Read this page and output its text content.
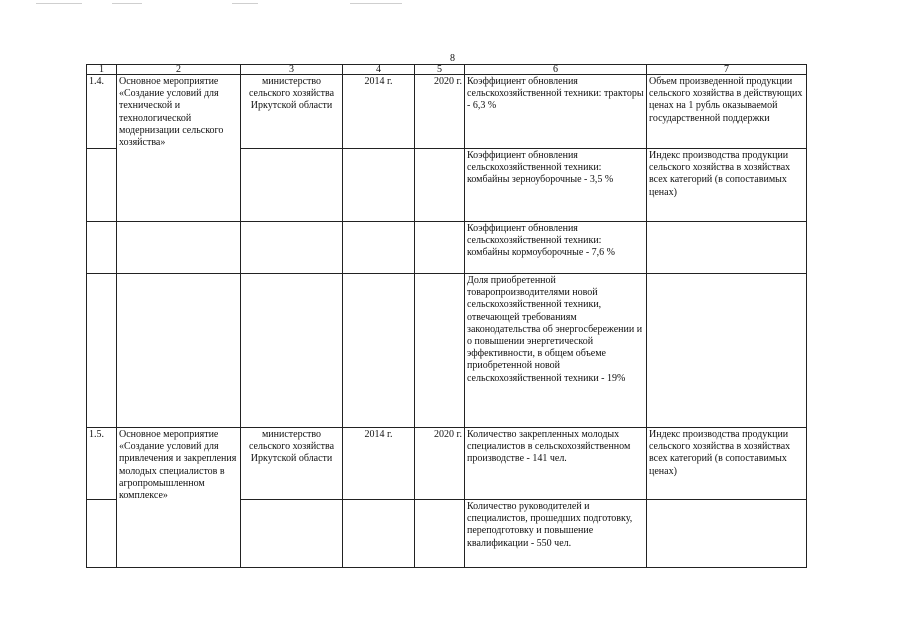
8
1	2	3	4	5	6	7
1.4.	Основное мероприятие «Создание условий для технической и технологической модернизации сельского хозяйства»	министерство сельского хозяйства Иркутской области	2014 г.	2020 г.	Коэффициент обновления сельскохозяйственной техники: тракторы - 6,3 %	Объем произведенной продукции сельского хозяйства в действующих ценах на 1 рубль оказываемой государственной поддержки
					Коэффициент обновления сельскохозяйственной техники: комбайны зерноуборочные - 3,5 %	Индекс производства продукции сельского хозяйства в хозяйствах всех категорий (в сопоставимых ценах)
					Коэффициент обновления сельскохозяйственной техники: комбайны кормоуборочные - 7,6 %	
					Доля приобретенной товаропроизводителями новой сельскохозяйственной техники, отвечающей требованиям законодательства об энергосбережении и о повышении энергетической эффективности, в общем объеме приобретенной новой сельскохозяйственной техники - 19%	
1.5.	Основное мероприятие «Создание условий для привлечения и закрепления молодых специалистов в агропромышленном комплексе»	министерство сельского хозяйства Иркутской области	2014 г.	2020 г.	Количество закрепленных молодых специалистов в сельскохозяйственном производстве - 141 чел.	Индекс производства продукции сельского хозяйства в хозяйствах всех категорий (в сопоставимых ценах)
					Количество руководителей и специалистов, прошедших подготовку, переподготовку и повышение квалификации - 550 чел.	
